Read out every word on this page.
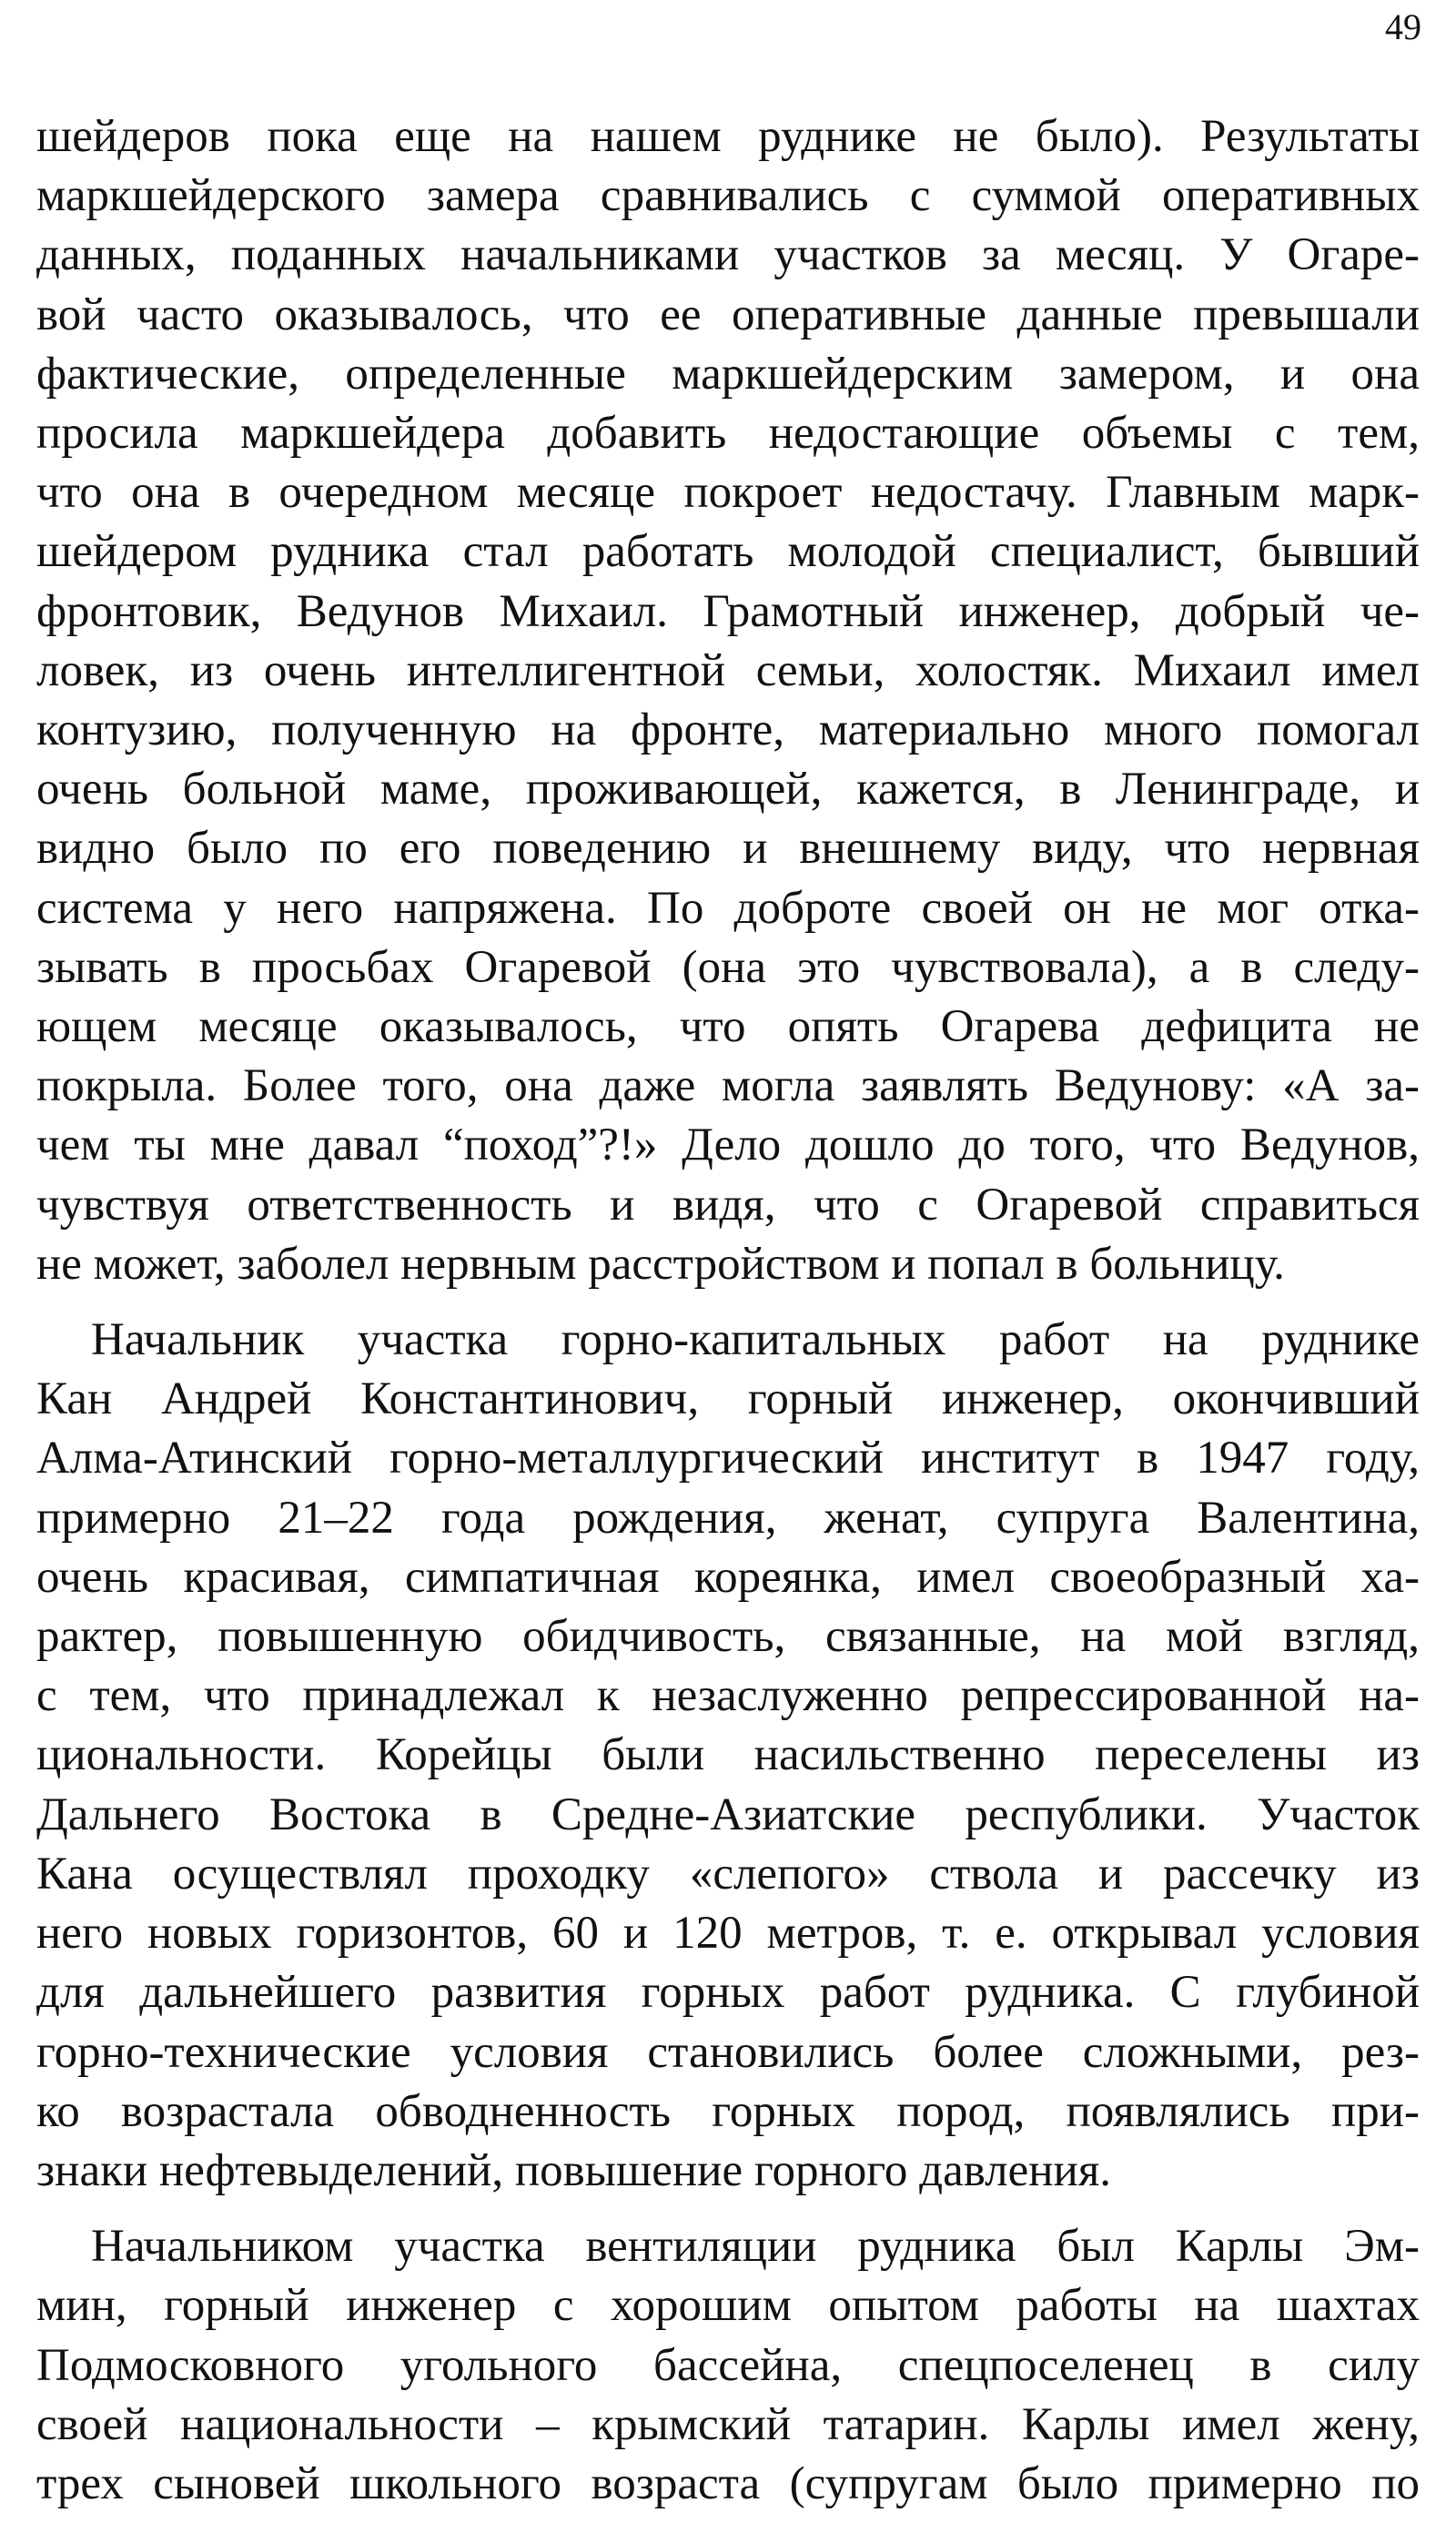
49
шейдеров пока еще на нашем руднике не было). Результаты
маркшейдерского замера сравнивались с суммой оперативных
данных, поданных начальниками участков за месяц. У Огаре-
вой часто оказывалось, что ее оперативные данные превышали
фактические, определенные маркшейдерским замером, и она
просила маркшейдера добавить недостающие объемы с тем,
что она в очередном месяце покроет недостачу. Главным марк-
шейдером рудника стал работать молодой специалист, бывший
фронтовик, Ведунов Михаил. Грамотный инженер, добрый че-
ловек, из очень интеллигентной семьи, холостяк. Михаил имел
контузию, полученную на фронте, материально много помогал
очень больной маме, проживающей, кажется, в Ленинграде, и
видно было по его поведению и внешнему виду, что нервная
система у него напряжена. По доброте своей он не мог отка-
зывать в просьбах Огаревой (она это чувствовала), а в следу-
ющем месяце оказывалось, что опять Огарева дефицита не
покрыла. Более того, она даже могла заявлять Ведунову: «А за-
чем ты мне давал “поход”?!» Дело дошло до того, что Ведунов,
чувствуя ответственность и видя, что с Огаревой справиться
не может, заболел нервным расстройством и попал в больницу.
Начальник участка горно-капитальных работ на руднике
Кан Андрей Константинович, горный инженер, окончивший
Алма-Атинский горно-металлургический институт в 1947 году,
примерно 21–22 года рождения, женат, супруга Валентина,
очень красивая, симпатичная кореянка, имел своеобразный ха-
рактер, повышенную обидчивость, связанные, на мой взгляд,
с тем, что принадлежал к незаслуженно репрессированной на-
циональности. Корейцы были насильственно переселены из
Дальнего Востока в Средне-Азиатские республики. Участок
Кана осуществлял проходку «слепого» ствола и рассечку из
него новых горизонтов, 60 и 120 метров, т. е. открывал условия
для дальнейшего развития горных работ рудника. С глубиной
горно-технические условия становились более сложными, рез-
ко возрастала обводненность горных пород, появлялись при-
знаки нефтевыделений, повышение горного давления.
Начальником участка вентиляции рудника был Карлы Эм-
мин, горный инженер с хорошим опытом работы на шахтах
Подмосковного угольного бассейна, спецпоселенец в силу
своей национальности – крымский татарин. Карлы имел жену,
трех сыновей школьного возраста (супругам было примерно по
